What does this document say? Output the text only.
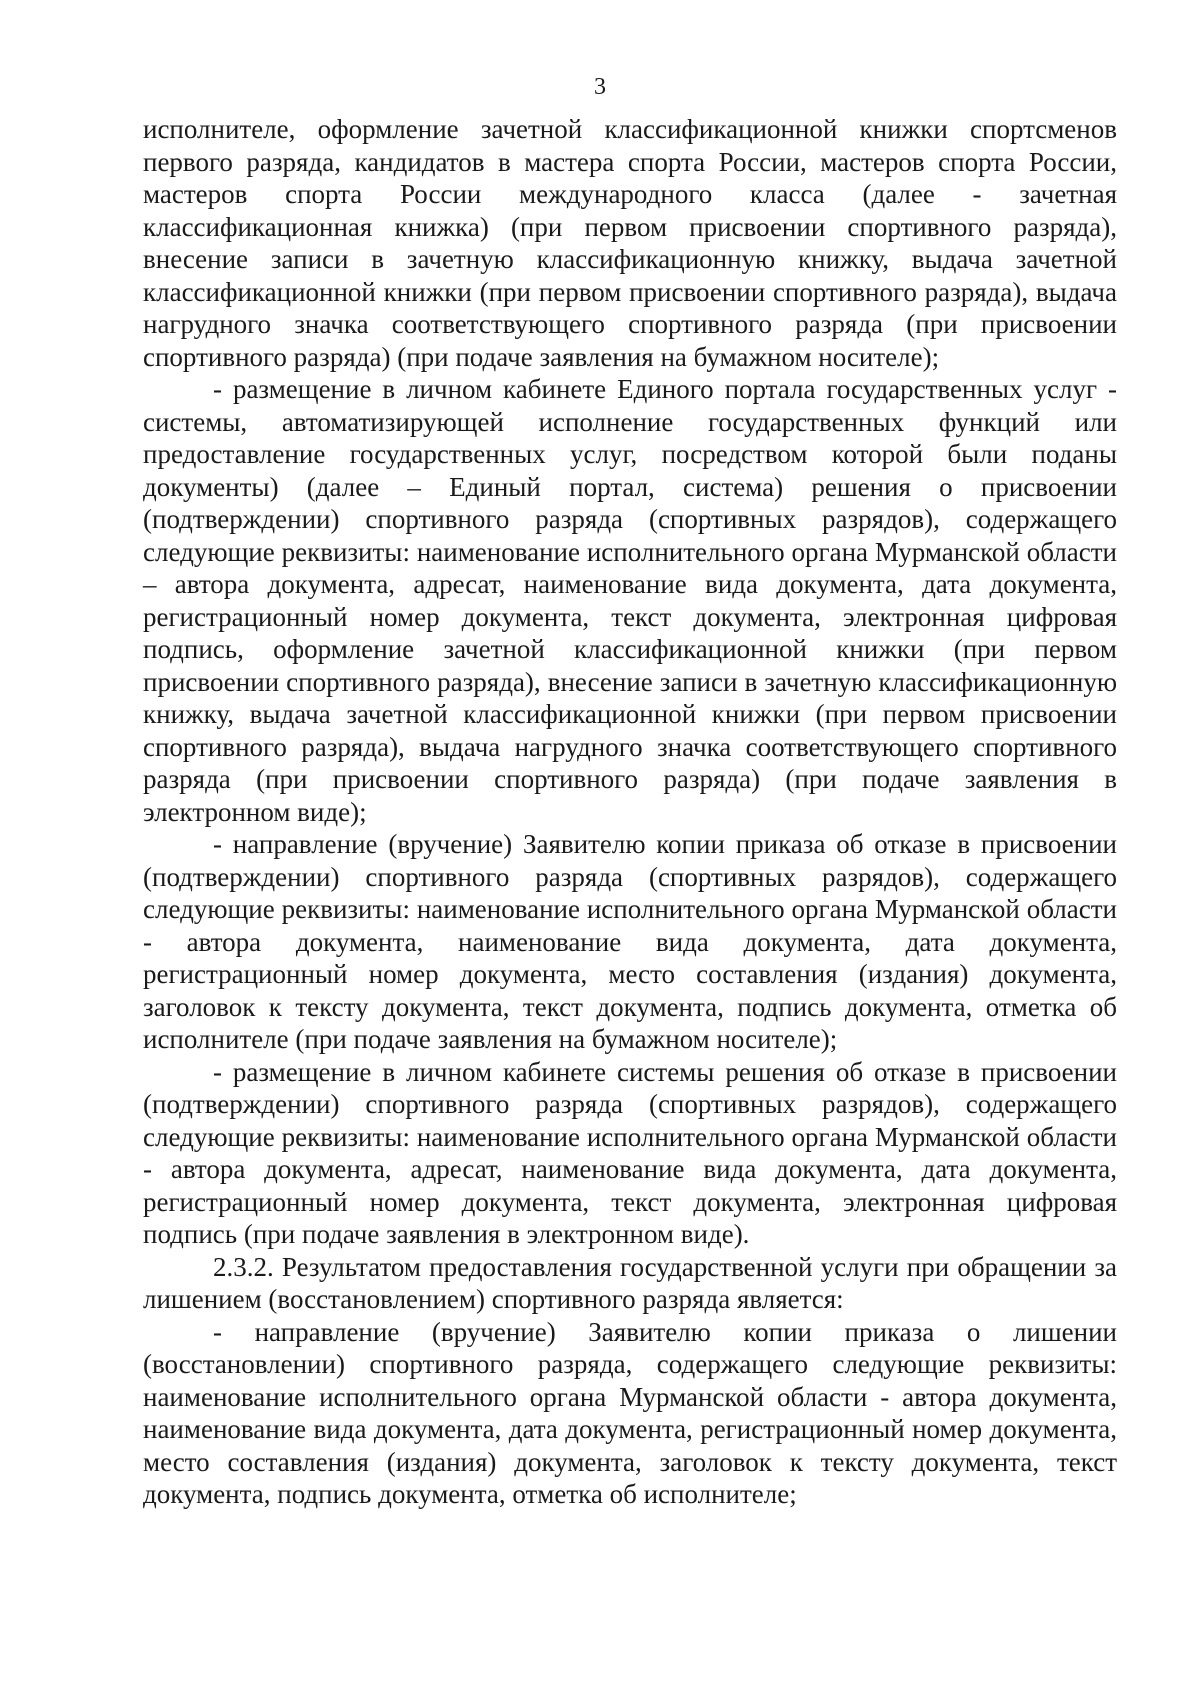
3

исполнителе, оформление зачетной классификационной книжки спортсменов первого разряда, кандидатов в мастера спорта России, мастеров спорта России, мастеров спорта России международного класса (далее - зачетная классификационная книжка) (при первом присвоении спортивного разряда), внесение записи в зачетную классификационную книжку, выдача зачетной классификационной книжки (при первом присвоении спортивного разряда), выдача нагрудного значка соответствующего спортивного разряда (при присвоении спортивного разряда) (при подаче заявления на бумажном носителе);

- размещение в личном кабинете Единого портала государственных услуг - системы, автоматизирующей исполнение государственных функций или предоставление государственных услуг, посредством которой были поданы документы) (далее – Единый портал, система) решения о присвоении (подтверждении) спортивного разряда (спортивных разрядов), содержащего следующие реквизиты: наименование исполнительного органа Мурманской области – автора документа, адресат, наименование вида документа, дата документа, регистрационный номер документа, текст документа, электронная цифровая подпись, оформление зачетной классификационной книжки (при первом присвоении спортивного разряда), внесение записи в зачетную классификационную книжку, выдача зачетной классификационной книжки (при первом присвоении спортивного разряда), выдача нагрудного значка соответствующего спортивного разряда (при присвоении спортивного разряда) (при подаче заявления в электронном виде);

- направление (вручение) Заявителю копии приказа об отказе в присвоении (подтверждении) спортивного разряда (спортивных разрядов), содержащего следующие реквизиты: наименование исполнительного органа Мурманской области - автора документа, наименование вида документа, дата документа, регистрационный номер документа, место составления (издания) документа, заголовок к тексту документа, текст документа, подпись документа, отметка об исполнителе (при подаче заявления на бумажном носителе);

- размещение в личном кабинете системы решения об отказе в присвоении (подтверждении) спортивного разряда (спортивных разрядов), содержащего следующие реквизиты: наименование исполнительного органа Мурманской области - автора документа, адресат, наименование вида документа, дата документа, регистрационный номер документа, текст документа, электронная цифровая подпись (при подаче заявления в электронном виде).

2.3.2. Результатом предоставления государственной услуги при обращении за лишением (восстановлением) спортивного разряда является:

- направление (вручение) Заявителю копии приказа о лишении (восстановлении) спортивного разряда, содержащего следующие реквизиты: наименование исполнительного органа Мурманской области - автора документа, наименование вида документа, дата документа, регистрационный номер документа, место составления (издания) документа, заголовок к тексту документа, текст документа, подпись документа, отметка об исполнителе;
